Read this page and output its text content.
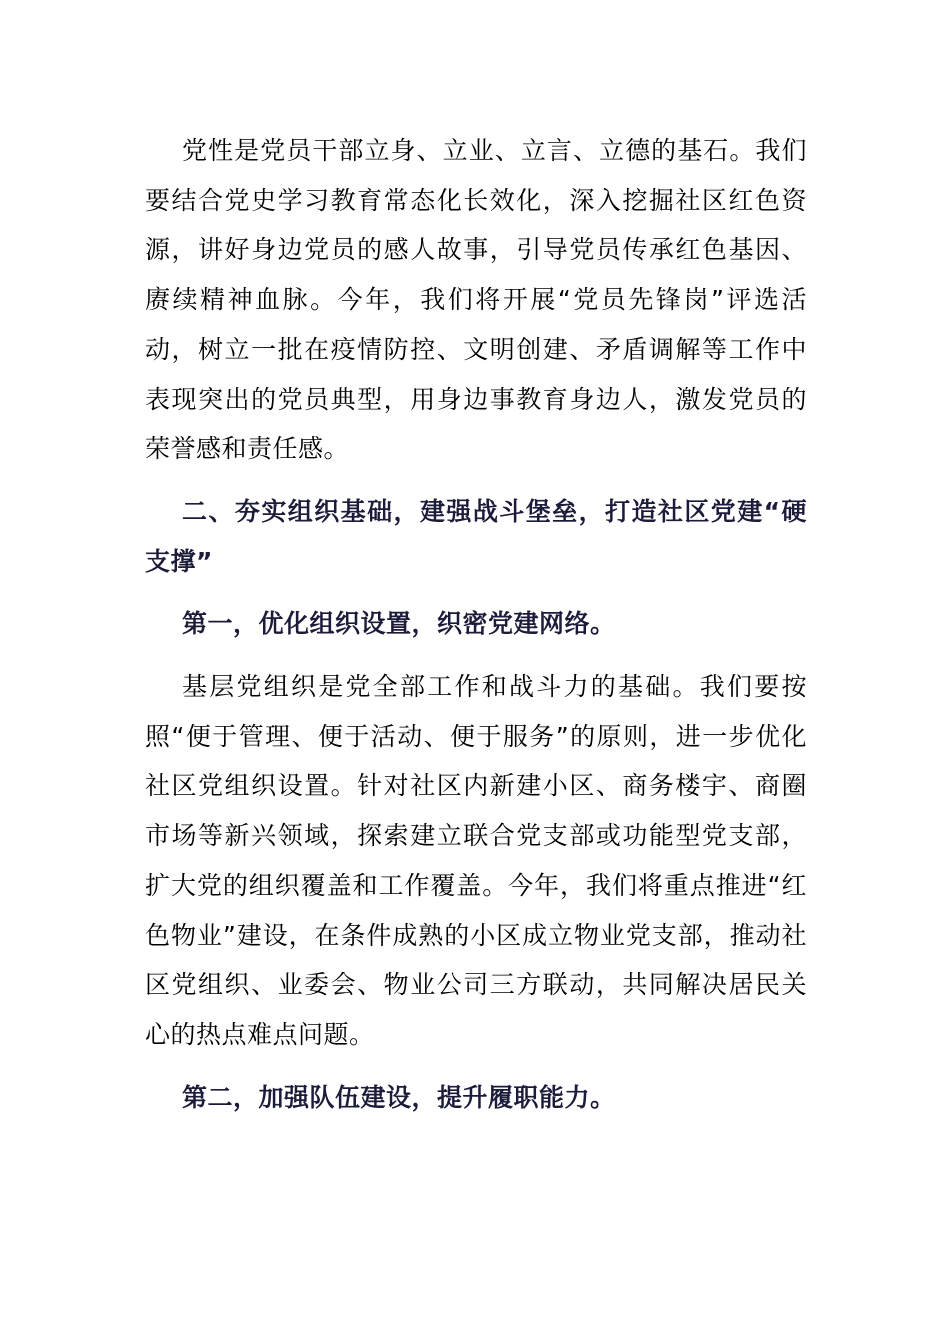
党性是党员干部立身、立业、立言、立德的基石。我们要结合党史学习教育常态化长效化，深入挖掘社区红色资源，讲好身边党员的感人故事，引导党员传承红色基因、赓续精神血脉。今年，我们将开展“党员先锋岗”评选活动，树立一批在疫情防控、文明创建、矛盾调解等工作中表现突出的党员典型，用身边事教育身边人，激发党员的荣誉感和责任感。

二、夯实组织基础，建强战斗堡垒，打造社区党建“硬支撑”

第一，优化组织设置，织密党建网络。

基层党组织是党全部工作和战斗力的基础。我们要按照“便于管理、便于活动、便于服务”的原则，进一步优化社区党组织设置。针对社区内新建小区、商务楼宇、商圈市场等新兴领域，探索建立联合党支部或功能型党支部，扩大党的组织覆盖和工作覆盖。今年，我们将重点推进“红色物业”建设，在条件成熟的小区成立物业党支部，推动社区党组织、业委会、物业公司三方联动，共同解决居民关心的热点难点问题。

第二，加强队伍建设，提升履职能力。
